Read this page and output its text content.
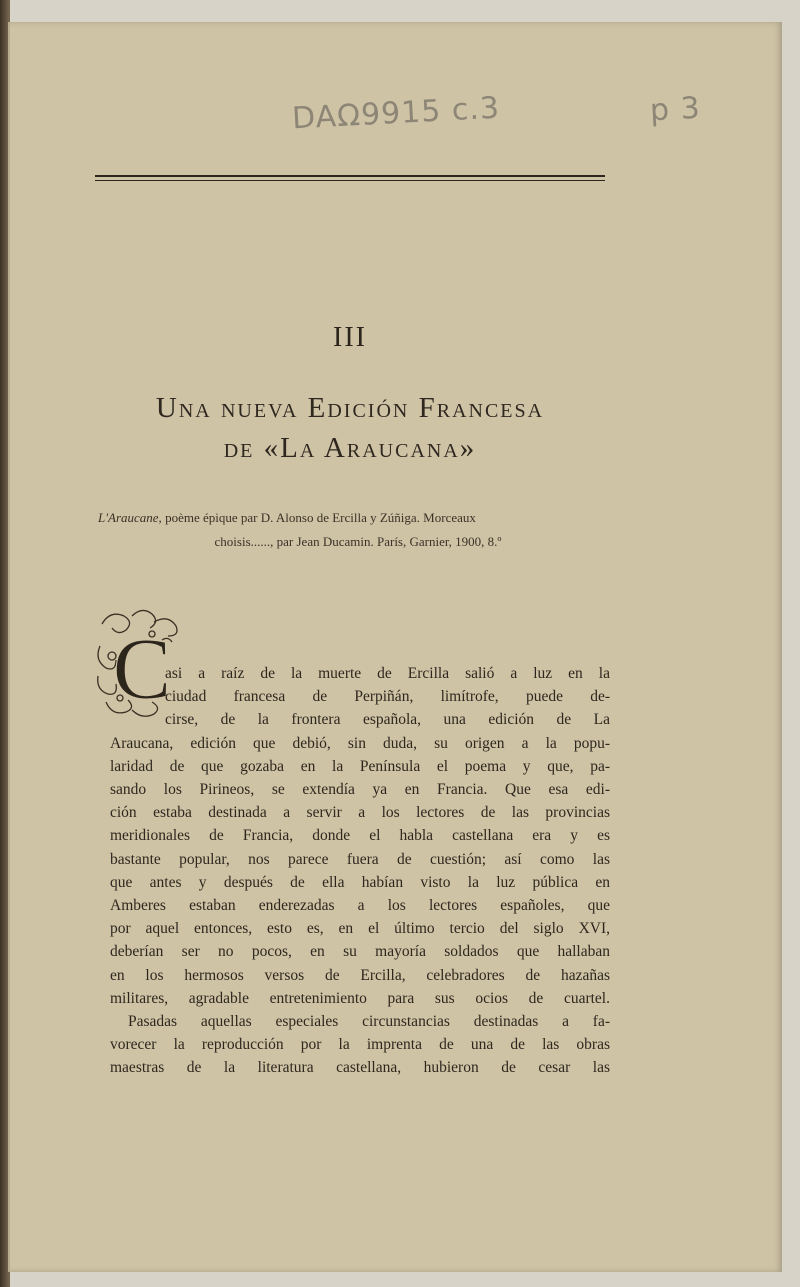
DAΩ9915 c.3	p 3
III
Una nueva Edición Francesa
de «La Araucana»
L'Araucane, poème épique par D. Alonso de Ercilla y Zúñiga. Morceaux
choisis......, par Jean Ducamin. París, Garnier, 1900, 8.º
C
asi a raíz de la muerte de Ercilla salió a luz en la
ciudad francesa de Perpiñán, limítrofe, puede de-
cirse, de la frontera española, una edición de La
Araucana, edición que debió, sin duda, su origen a la popu-
laridad de que gozaba en la Península el poema y que, pa-
sando los Pirineos, se extendía ya en Francia. Que esa edi-
ción estaba destinada a servir a los lectores de las provincias
meridionales de Francia, donde el habla castellana era y es
bastante popular, nos parece fuera de cuestión; así como las
que antes y después de ella habían visto la luz pública en
Amberes estaban enderezadas a los lectores españoles, que
por aquel entonces, esto es, en el último tercio del siglo XVI,
deberían ser no pocos, en su mayoría soldados que hallaban
en los hermosos versos de Ercilla, celebradores de hazañas
militares, agradable entretenimiento para sus ocios de cuartel.
Pasadas aquellas especiales circunstancias destinadas a fa-
vorecer la reproducción por la imprenta de una de las obras
maestras de la literatura castellana, hubieron de cesar las
